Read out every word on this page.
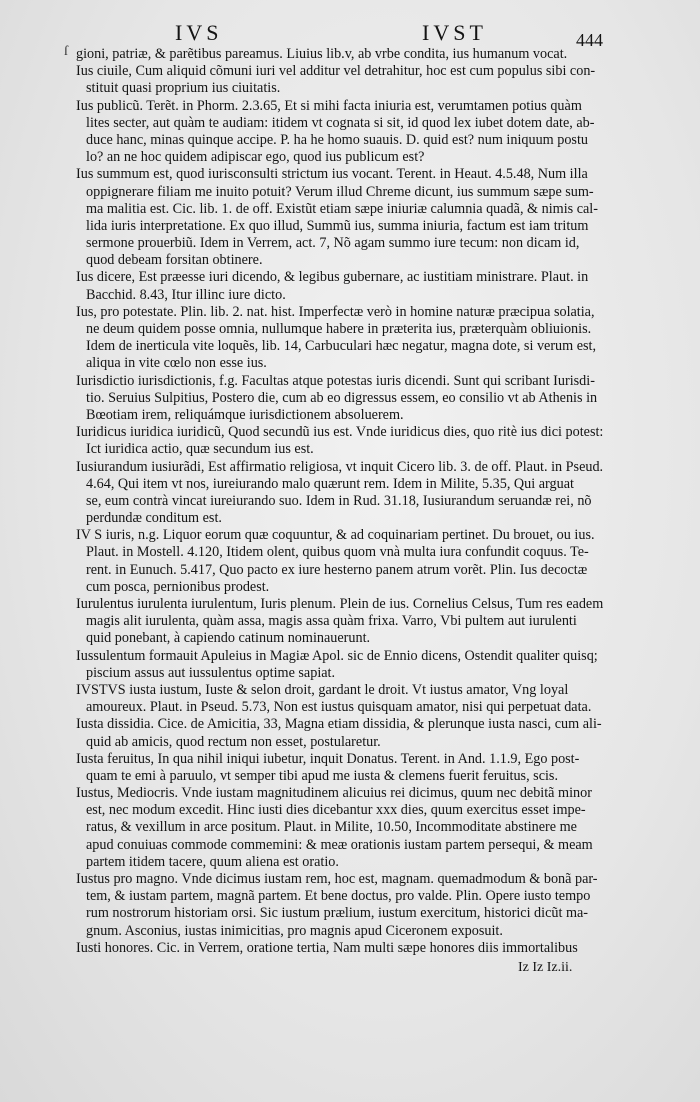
IVS	IVST	444
ſ gioni, patriæ, & parẽtibus pareamus. Liuius lib.v, ab vrbe condita, ius humanum vocat.
Ius ciuile, Cum aliquid cõmuni iuri vel additur vel detrahitur, hoc est cum populus sibi con-
stituit quasi proprium ius ciuitatis.
Ius publicũ. Terẽt. in Phorm. 2.3.65, Et si mihi facta iniuria est, verumtamen potius quàm
lites secter, aut quàm te audiam: itidem vt cognata si sit, id quod lex iubet dotem date, ab-
duce hanc, minas quinque accipe. P. ha he homo suauis. D. quid est? num iniquum postu
lo? an ne hoc quidem adipiscar ego, quod ius publicum est?
Ius summum est, quod iurisconsulti strictum ius vocant. Terent. in Heaut. 4.5.48, Num illa
oppignerare filiam me inuito potuit? Verum illud Chreme dicunt, ius summum sæpe sum-
ma malitia est. Cic. lib. 1. de off. Existũt etiam sæpe iniuriæ calumnia quadã, & nimis cal-
lida iuris interpretatione. Ex quo illud, Summũ ius, summa iniuria, factum est iam tritum
sermone prouerbiũ. Idem in Verrem, act. 7, Nõ agam summo iure tecum: non dicam id,
quod debeam forsitan obtinere.
Ius dicere, Est præesse iuri dicendo, & legibus gubernare, ac iustitiam ministrare. Plaut. in
Bacchid. 8.43, Itur illinc iure dicto.
Ius, pro potestate. Plin. lib. 2. nat. hist. Imperfectæ verò in homine naturæ præcipua solatia,
ne deum quidem posse omnia, nullumque habere in præterita ius, præterquàm obliuionis.
Idem de inerticula vite loquẽs, lib. 14, Carbuculari hæc negatur, magna dote, si verum est,
aliqua in vite cœlo non esse ius.
Iurisdictio iurisdictionis, f.g. Facultas atque potestas iuris dicendi. Sunt qui scribant Iurisdi-
tio. Seruius Sulpitius, Postero die, cum ab eo digressus essem, eo consilio vt ab Athenis in
Bœotiam irem, reliquámque iurisdictionem absoluerem.
Iuridicus iuridica iuridicũ, Quod secundũ ius est. Vnde iuridicus dies, quo ritè ius dici potest:
Ict iuridica actio, quæ secundum ius est.
Iusiurandum iusiurãdi, Est affirmatio religiosa, vt inquit Cicero lib. 3. de off. Plaut. in Pseud.
4.64, Qui item vt nos, iureiurando malo quærunt rem. Idem in Milite, 5.35, Qui arguat
se, eum contrà vincat iureiurando suo. Idem in Rud. 31.18, Iusiurandum seruandæ rei, nõ
perdundæ conditum est.
IV S iuris, n.g. Liquor eorum quæ coquuntur, & ad coquinariam pertinet. Du brouet, ou ius.
Plaut. in Mostell. 4.120, Itidem olent, quibus quom vnà multa iura confundit coquus. Te-
rent. in Eunuch. 5.417, Quo pacto ex iure hesterno panem atrum vorẽt. Plin. Ius decoctæ
cum posca, pernionibus prodest.
Iurulentus iurulenta iurulentum, Iuris plenum. Plein de ius. Cornelius Celsus, Tum res eadem
magis alit iurulenta, quàm assa, magis assa quàm frixa. Varro, Vbi pultem aut iurulenti
quid ponebant, à capiendo catinum nominauerunt.
Iussulentum formauit Apuleius in Magiæ Apol. sic de Ennio dicens, Ostendit qualiter quisq;
piscium assus aut iussulentus optime sapiat.
IVSTVS iusta iustum, Iuste & selon droit, gardant le droit. Vt iustus amator, Vng loyal
amoureux. Plaut. in Pseud. 5.73, Non est iustus quisquam amator, nisi qui perpetuat data.
Iusta dissidia. Cice. de Amicitia, 33, Magna etiam dissidia, & plerunque iusta nasci, cum ali-
quid ab amicis, quod rectum non esset, postularetur.
Iusta feruitus, In qua nihil iniqui iubetur, inquit Donatus. Terent. in And. 1.1.9, Ego post-
quam te emi à paruulo, vt semper tibi apud me iusta & clemens fuerit feruitus, scis.
Iustus, Mediocris. Vnde iustam magnitudinem alicuius rei dicimus, quum nec debitã minor
est, nec modum excedit. Hinc iusti dies dicebantur xxx dies, quum exercitus esset impe-
ratus, & vexillum in arce positum. Plaut. in Milite, 10.50, Incommoditate abstinere me
apud conuiuas commode commemini: & meæ orationis iustam partem persequi, & meam
partem itidem tacere, quum aliena est oratio.
Iustus pro magno. Vnde dicimus iustam rem, hoc est, magnam. quemadmodum & bonã par-
tem, & iustam partem, magnã partem. Et bene doctus, pro valde. Plin. Opere iusto tempo
rum nostrorum historiam orsi. Sic iustum prælium, iustum exercitum, historici dicũt ma-
gnum. Asconius, iustas inimicitias, pro magnis apud Ciceronem exposuit.
Iusti honores. Cic. in Verrem, oratione tertia, Nam multi sæpe honores diis immortalibus
Iz Iz Iz.ii.
